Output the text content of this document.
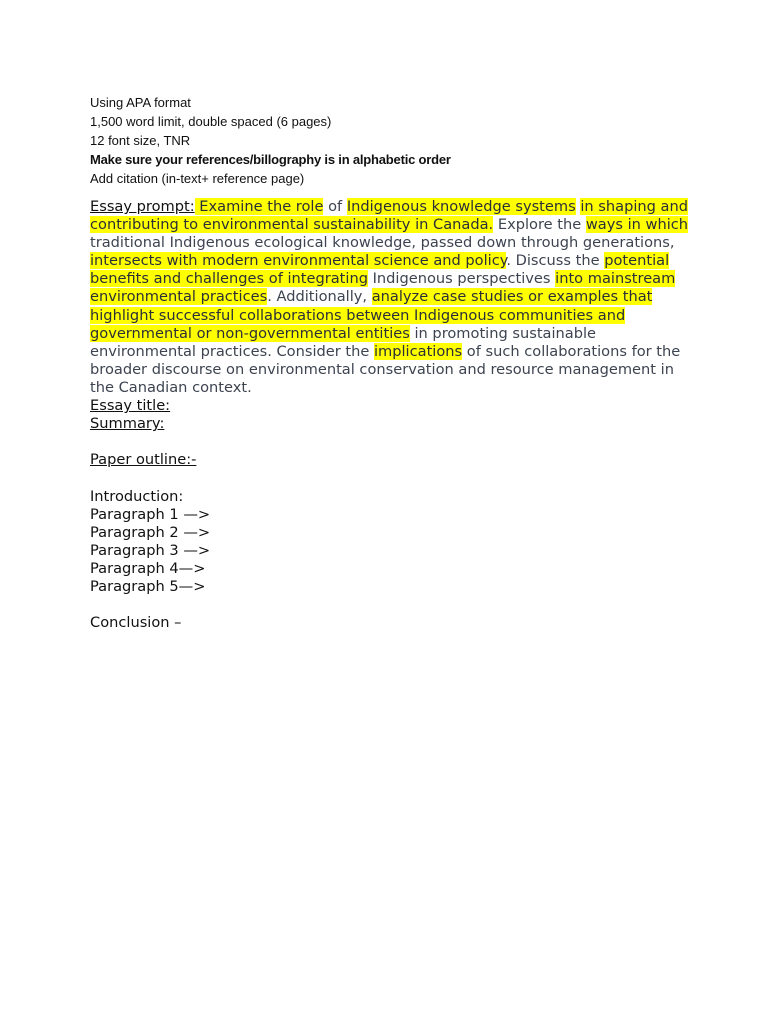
Using APA format
1,500 word limit, double spaced (6 pages)
12 font size, TNR
Make sure your references/billography is in alphabetic order
Add citation (in-text+ reference page)
Essay prompt: Examine the role of Indigenous knowledge systems in shaping and contributing to environmental sustainability in Canada. Explore the ways in which traditional Indigenous ecological knowledge, passed down through generations, intersects with modern environmental science and policy. Discuss the potential benefits and challenges of integrating Indigenous perspectives into mainstream environmental practices. Additionally, analyze case studies or examples that highlight successful collaborations between Indigenous communities and governmental or non-governmental entities in promoting sustainable environmental practices. Consider the implications of such collaborations for the broader discourse on environmental conservation and resource management in the Canadian context.
Essay title:
Summary:
Paper outline:-
Introduction:
Paragraph 1 —>
Paragraph 2 —>
Paragraph 3 —>
Paragraph 4—>
Paragraph 5—>
Conclusion –
